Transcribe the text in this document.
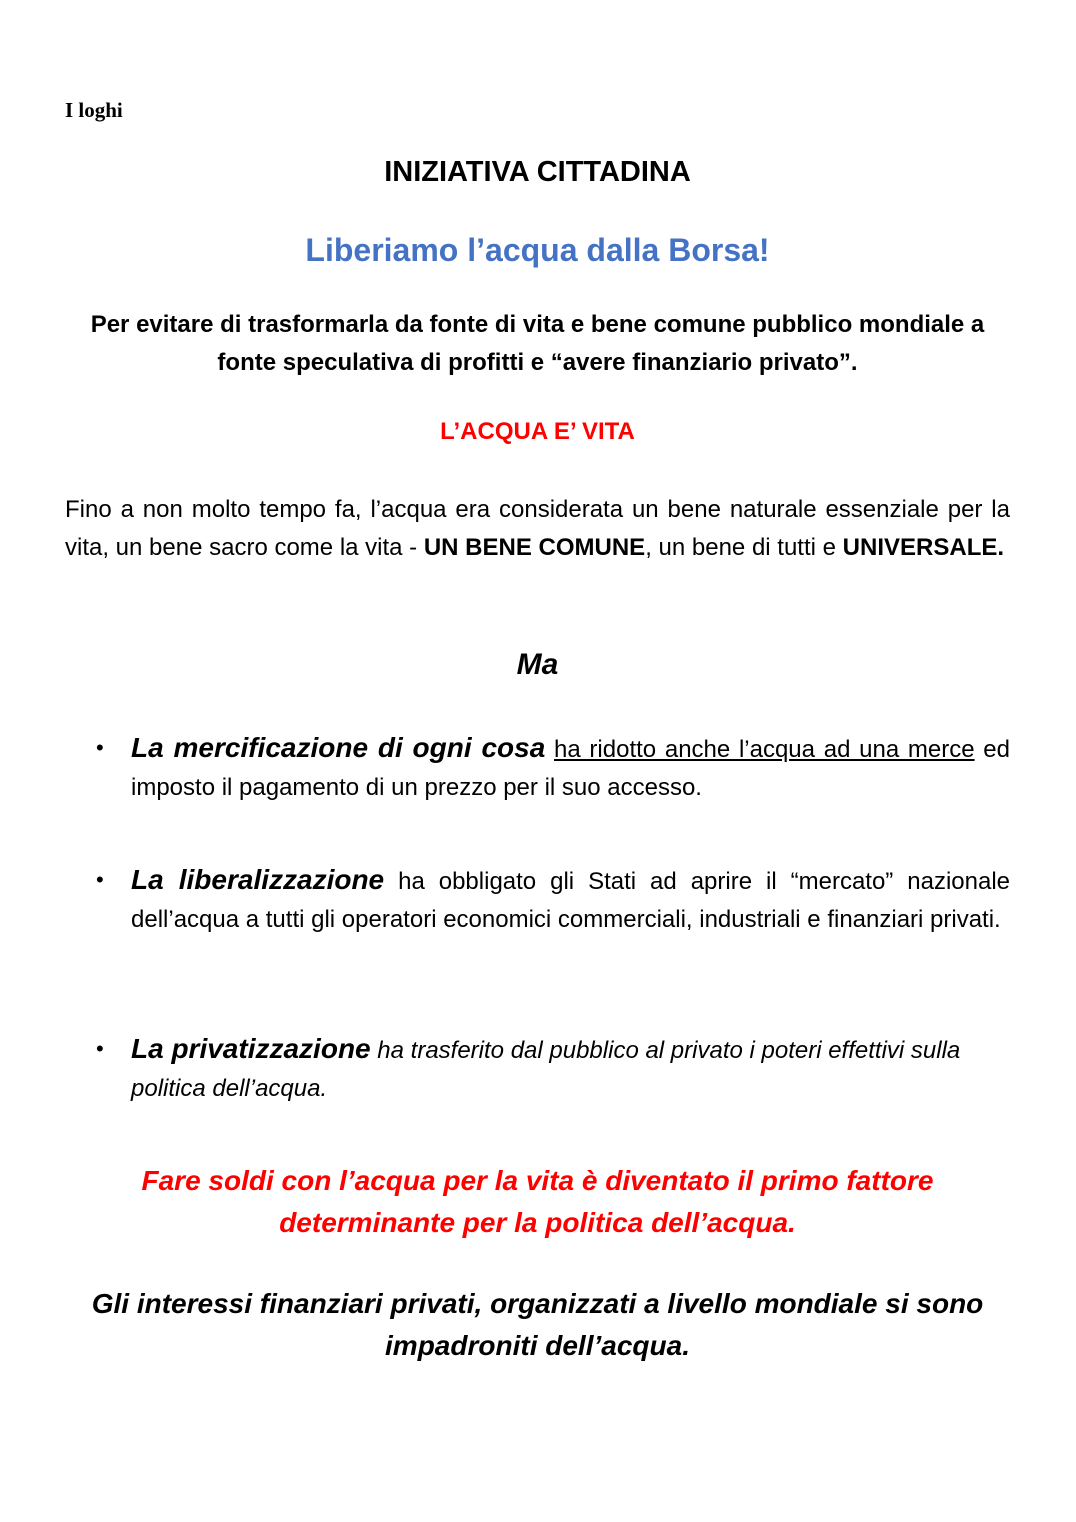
I loghi
INIZIATIVA CITTADINA
Liberiamo l’acqua dalla Borsa!
Per evitare di trasformarla da fonte di vita e bene comune pubblico mondiale a fonte speculativa di profitti e “avere finanziario privato”.
L’ACQUA E’ VITA
Fino a non molto tempo fa, l’acqua era considerata un bene naturale essenziale per la vita, un bene sacro come la vita - UN BENE COMUNE, un bene di tutti e UNIVERSALE.
Ma
• La mercificazione di ogni cosa ha ridotto anche l’acqua ad una merce ed imposto il pagamento di un prezzo per il suo accesso.
• La liberalizzazione ha obbligato gli Stati ad aprire il “mercato” nazionale dell’acqua a tutti gli operatori economici commerciali, industriali e finanziari privati.
• La privatizzazione ha trasferito dal pubblico al privato i poteri effettivi sulla politica dell’acqua.
Fare soldi con l’acqua per la vita è diventato il primo fattore determinante per la politica dell’acqua.
Gli interessi finanziari privati, organizzati a livello mondiale si sono impadroniti dell’acqua.
